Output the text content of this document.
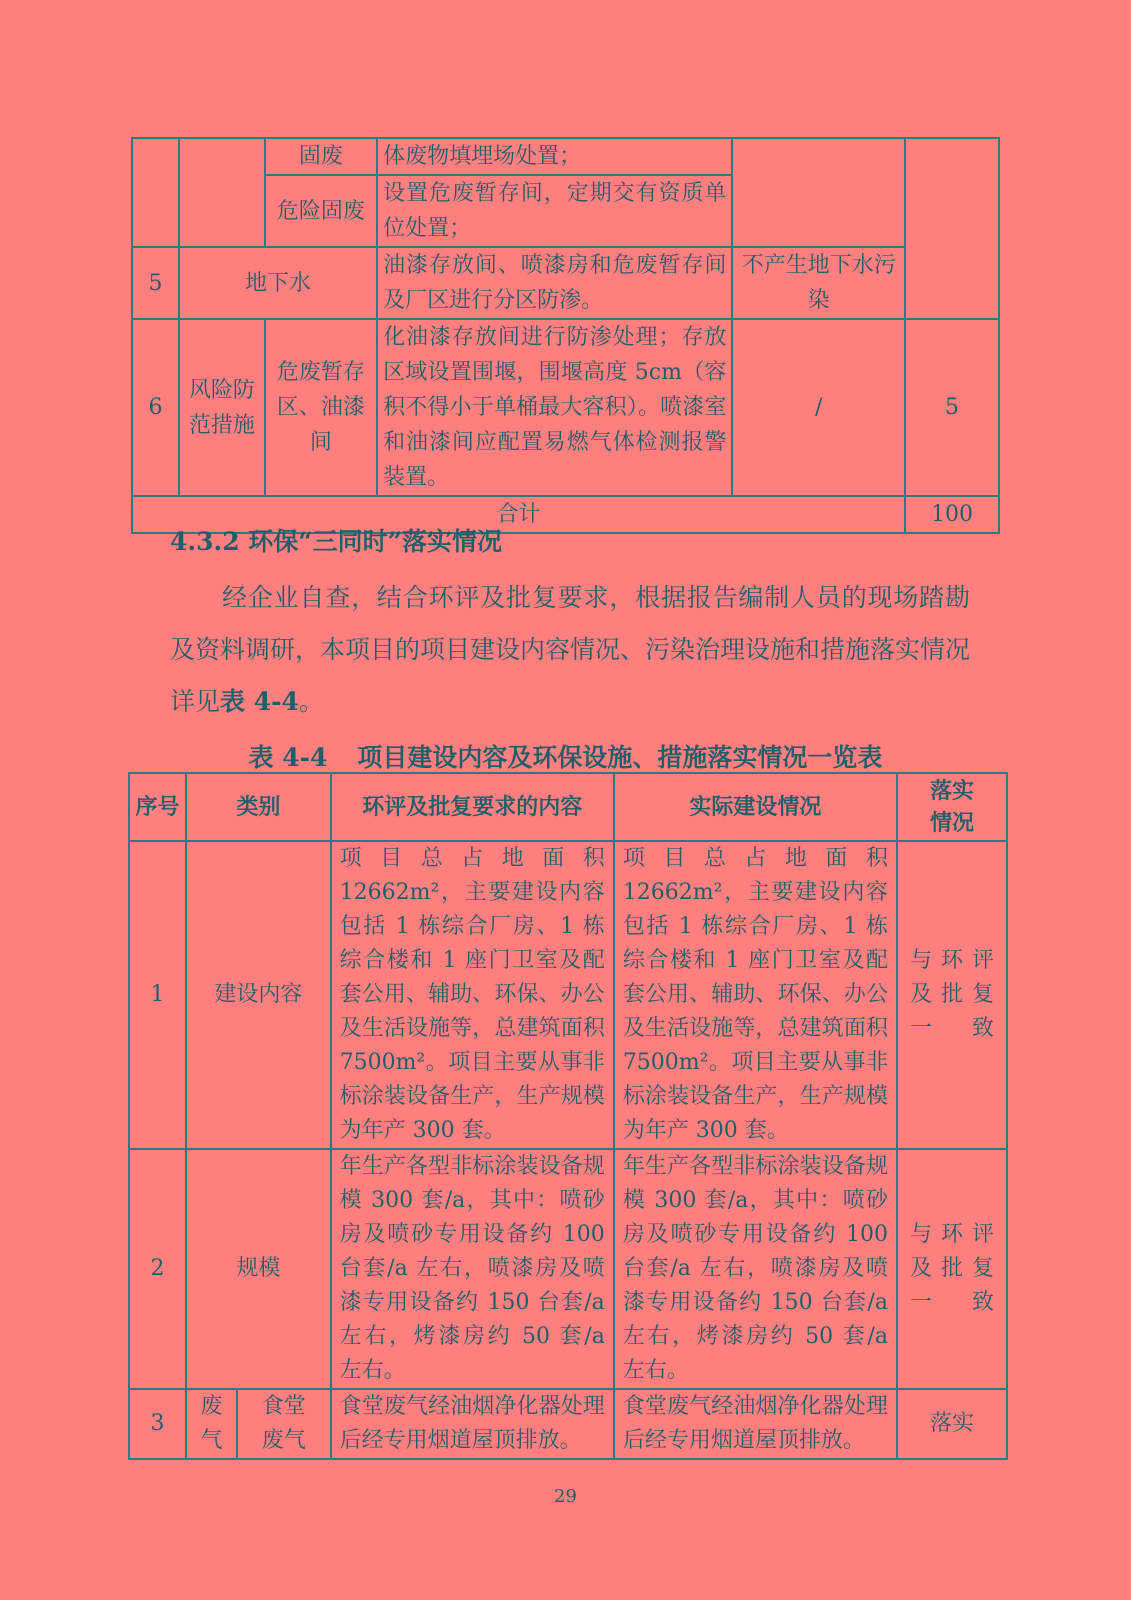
		固废	体废物填埋场处置；		
		危险固废	设置危废暂存间，定期交有资质单位处置；		
5	地下水		油漆存放间、喷漆房和危废暂存间及厂区进行分区防渗。	不产生地下水污染	
6	风险防范措施	危废暂存区、油漆间	化油漆存放间进行防渗处理；存放区域设置围堰，围堰高度 5cm（容积不得小于单桶最大容积）。喷漆室和油漆间应配置易燃气体检测报警装置。	/	5
合计					100
4.3.2 环保“三同时”落实情况
经企业自查，结合环评及批复要求，根据报告编制人员的现场踏勘及资料调研，本项目的项目建设内容情况、污染治理设施和措施落实情况详见表 4-4。
表 4-4 项目建设内容及环保设施、措施落实情况一览表
序号	类别		环评及批复要求的内容	实际建设情况	落实情况

1	建设内容		项目总占地面积 12662m²，主要建设内容包括 1 栋综合厂房、1 栋综合楼和 1 座门卫室及配套公用、辅助、环保、办公及生活设施等，总建筑面积 7500m²。项目主要从事非标涂装设备生产，生产规模为年产 300 套。	项目总占地面积 12662m²，主要建设内容包括 1 栋综合厂房、1 栋综合楼和 1 座门卫室及配套公用、辅助、环保、办公及生活设施等，总建筑面积 7500m²。项目主要从事非标涂装设备生产，生产规模为年产 300 套。	与环评及批复一致

2	规模		年生产各型非标涂装设备规模 300 套/a，其中：喷砂房及喷砂专用设备约 100 台套/a 左右，喷漆房及喷漆专用设备约 150 台套/a 左右，烤漆房约 50 套/a 左右。	年生产各型非标涂装设备规模 300 套/a，其中：喷砂房及喷砂专用设备约 100 台套/a 左右，喷漆房及喷漆专用设备约 150 台套/a 左右，烤漆房约 50 套/a 左右。	与环评及批复一致

3	废气	食堂废气	食堂废气经油烟净化器处理后经专用烟道屋顶排放。	食堂废气经油烟净化器处理后经专用烟道屋顶排放。	落实
29
